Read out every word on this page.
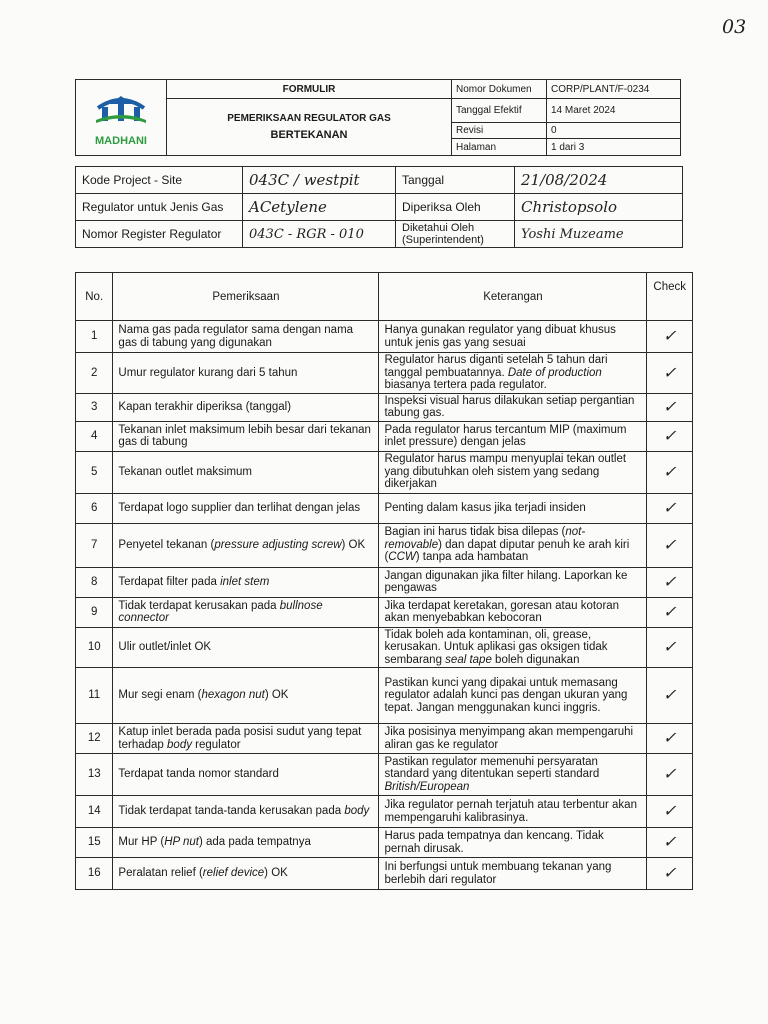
03
MADHANI	FORMULIR	Nomor Dokumen	CORP/PLANT/F-0234

	PEMERIKSAAN REGULATOR GAS
BERTEKANAN	Tanggal Efektif	14 Maret 2024
		Revisi	0
		Halaman	1 dari 3
Kode Project - Site	043C / westpit	Tanggal	21/08/2024
Regulator untuk Jenis Gas	ACetylene	Diperiksa Oleh	Christopsolo
Nomor Register Regulator	043C - RGR - 010	Diketahui Oleh
(Superintendent)	Yoshi Muzeame
No.	Pemeriksaan	Keterangan	Check
1	Nama gas pada regulator sama dengan nama gas di tabung yang digunakan	Hanya gunakan regulator yang dibuat khusus untuk jenis gas yang sesuai	✓
2	Umur regulator kurang dari 5 tahun	Regulator harus diganti setelah 5 tahun dari tanggal pembuatannya. Date of production biasanya tertera pada regulator.	✓
3	Kapan terakhir diperiksa (tanggal)	Inspeksi visual harus dilakukan setiap pergantian tabung gas.	✓
4	Tekanan inlet maksimum lebih besar dari tekanan gas di tabung	Pada regulator harus tercantum MIP (maximum inlet pressure) dengan jelas	✓
5	Tekanan outlet maksimum	Regulator harus mampu menyuplai tekan outlet yang dibutuhkan oleh sistem yang sedang dikerjakan	✓
6	Terdapat logo supplier dan terlihat dengan jelas	Penting dalam kasus jika terjadi insiden	✓
7	Penyetel tekanan (pressure adjusting screw) OK	Bagian ini harus tidak bisa dilepas (not-removable) dan dapat diputar penuh ke arah kiri (CCW) tanpa ada hambatan	✓
8	Terdapat filter pada inlet stem	Jangan digunakan jika filter hilang. Laporkan ke pengawas	✓
9	Tidak terdapat kerusakan pada bullnose connector	Jika terdapat keretakan, goresan atau kotoran akan menyebabkan kebocoran	✓
10	Ulir outlet/inlet OK	Tidak boleh ada kontaminan, oli, grease, kerusakan. Untuk aplikasi gas oksigen tidak sembarang seal tape boleh digunakan	✓
11	Mur segi enam (hexagon nut) OK	Pastikan kunci yang dipakai untuk memasang regulator adalah kunci pas dengan ukuran yang tepat. Jangan menggunakan kunci inggris.	✓
12	Katup inlet berada pada posisi sudut yang tepat terhadap body regulator	Jika posisinya menyimpang akan mempengaruhi aliran gas ke regulator	✓
13	Terdapat tanda nomor standard	Pastikan regulator memenuhi persyaratan standard yang ditentukan seperti standard British/European	✓
14	Tidak terdapat tanda-tanda kerusakan pada body	Jika regulator pernah terjatuh atau terbentur akan mempengaruhi kalibrasinya.	✓
15	Mur HP (HP nut) ada pada tempatnya	Harus pada tempatnya dan kencang. Tidak pernah dirusak.	✓
16	Peralatan relief (relief device) OK	Ini berfungsi untuk membuang tekanan yang berlebih dari regulator	✓
